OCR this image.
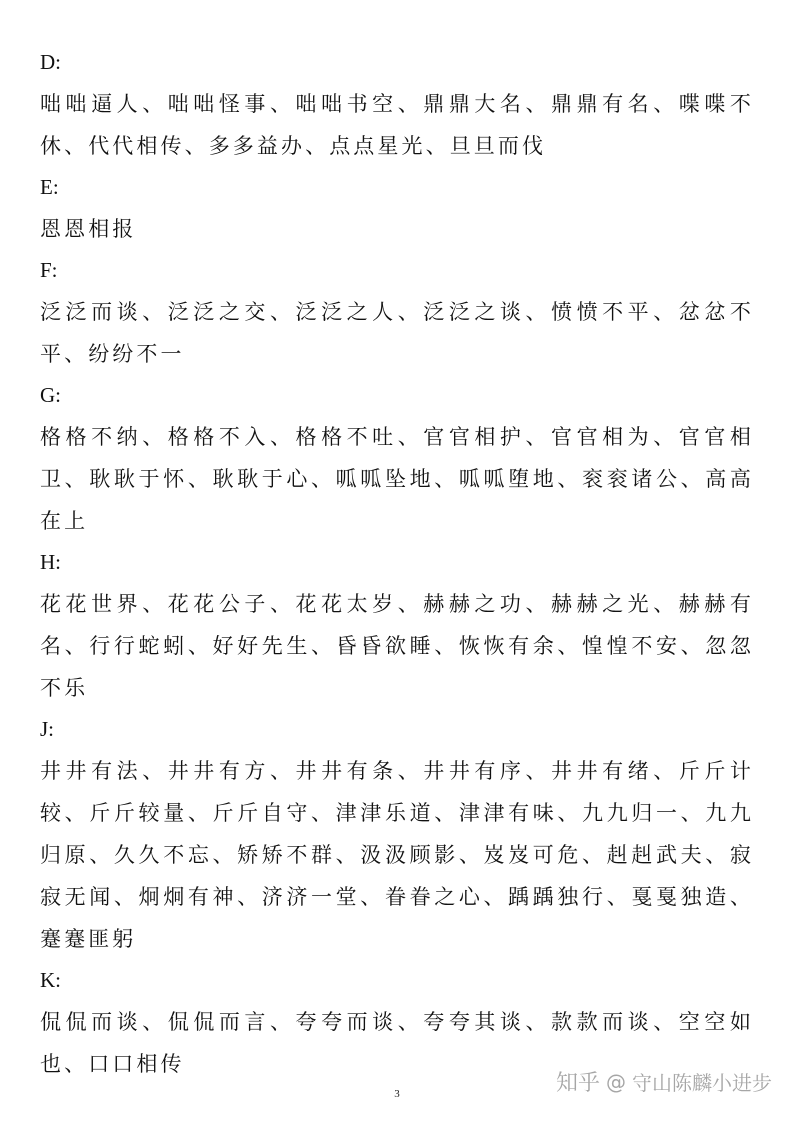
D:

咄咄逼人、咄咄怪事、咄咄书空、鼎鼎大名、鼎鼎有名、喋喋不休、代代相传、多多益办、点点星光、旦旦而伐

E:

恩恩相报

F:

泛泛而谈、泛泛之交、泛泛之人、泛泛之谈、愤愤不平、忿忿不平、纷纷不一

G:

格格不纳、格格不入、格格不吐、官官相护、官官相为、官官相卫、耿耿于怀、耿耿于心、呱呱坠地、呱呱堕地、衮衮诸公、高高在上

H:

花花世界、花花公子、花花太岁、赫赫之功、赫赫之光、赫赫有名、行行蛇蚓、好好先生、昏昏欲睡、恢恢有余、惶惶不安、忽忽不乐

J:

井井有法、井井有方、井井有条、井井有序、井井有绪、斤斤计较、斤斤较量、斤斤自守、津津乐道、津津有味、九九归一、九九归原、久久不忘、矫矫不群、汲汲顾影、岌岌可危、赳赳武夫、寂寂无闻、炯炯有神、济济一堂、眷眷之心、踽踽独行、戛戛独造、蹇蹇匪躬

K:

侃侃而谈、侃侃而言、夸夸而谈、夸夸其谈、款款而谈、空空如也、口口相传

3	知乎 @ 守山陈麟小进步
